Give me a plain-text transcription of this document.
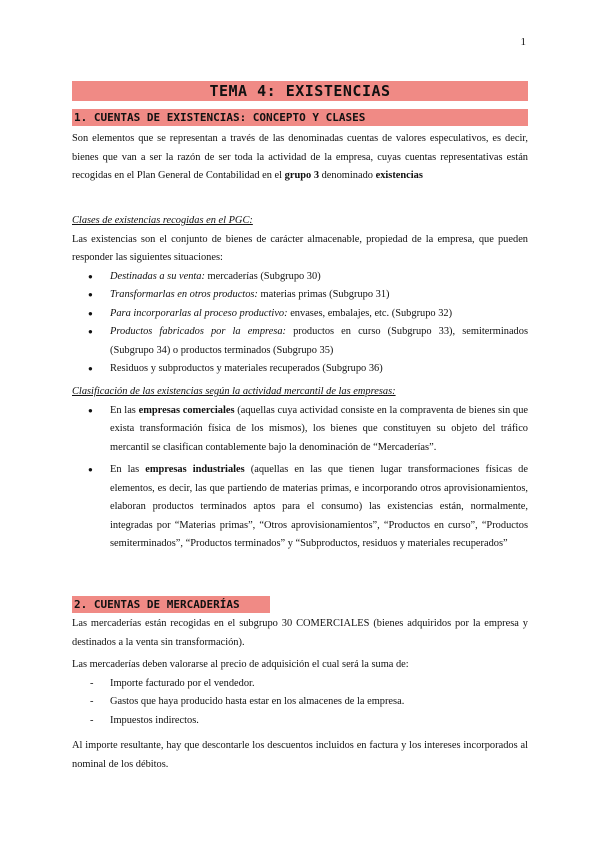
1
TEMA 4: EXISTENCIAS
1. CUENTAS DE EXISTENCIAS: CONCEPTO Y CLASES
Son elementos que se representan a través de las denominadas cuentas de valores especulativos, es decir, bienes que van a ser la razón de ser toda la actividad de la empresa, cuyas cuentas representativas están recogidas en el Plan General de Contabilidad en el grupo 3 denominado existencias
Clases de existencias recogidas en el PGC:
Las existencias son el conjunto de bienes de carácter almacenable, propiedad de la empresa, que pueden responder las siguientes situaciones:
● Destinadas a su venta: mercaderías (Subgrupo 30)
● Transformarlas en otros productos: materias primas (Subgrupo 31)
● Para incorporarlas al proceso productivo: envases, embalajes, etc. (Subgrupo 32)
● Productos fabricados por la empresa: productos en curso (Subgrupo 33), semiterminados (Subgrupo 34) o productos terminados (Subgrupo 35)
● Residuos y subproductos y materiales recuperados (Subgrupo 36)
Clasificación de las existencias según la actividad mercantil de las empresas:
● En las empresas comerciales (aquellas cuya actividad consiste en la compraventa de bienes sin que exista transformación física de los mismos), los bienes que constituyen su objeto del tráfico mercantil se clasifican contablemente bajo la denominación de “Mercaderías”.
● En las empresas industriales (aquellas en las que tienen lugar transformaciones físicas de elementos, es decir, las que partiendo de materias primas, e incorporando otros aprovisionamientos, elaboran productos terminados aptos para el consumo) las existencias están, normalmente, integradas por “Materias primas”, “Otros aprovisionamientos”, “Productos en curso”, “Productos semiterminados”, “Productos terminados” y “Subproductos, residuos y materiales recuperados”
2. CUENTAS DE MERCADERÍAS
Las mercaderías están recogidas en el subgrupo 30 COMERCIALES (bienes adquiridos por la empresa y destinados a la venta sin transformación).
Las mercaderías deben valorarse al precio de adquisición el cual será la suma de:
- Importe facturado por el vendedor.
- Gastos que haya producido hasta estar en los almacenes de la empresa.
- Impuestos indirectos.
Al importe resultante, hay que descontarle los descuentos incluidos en factura y los intereses incorporados al nominal de los débitos.
